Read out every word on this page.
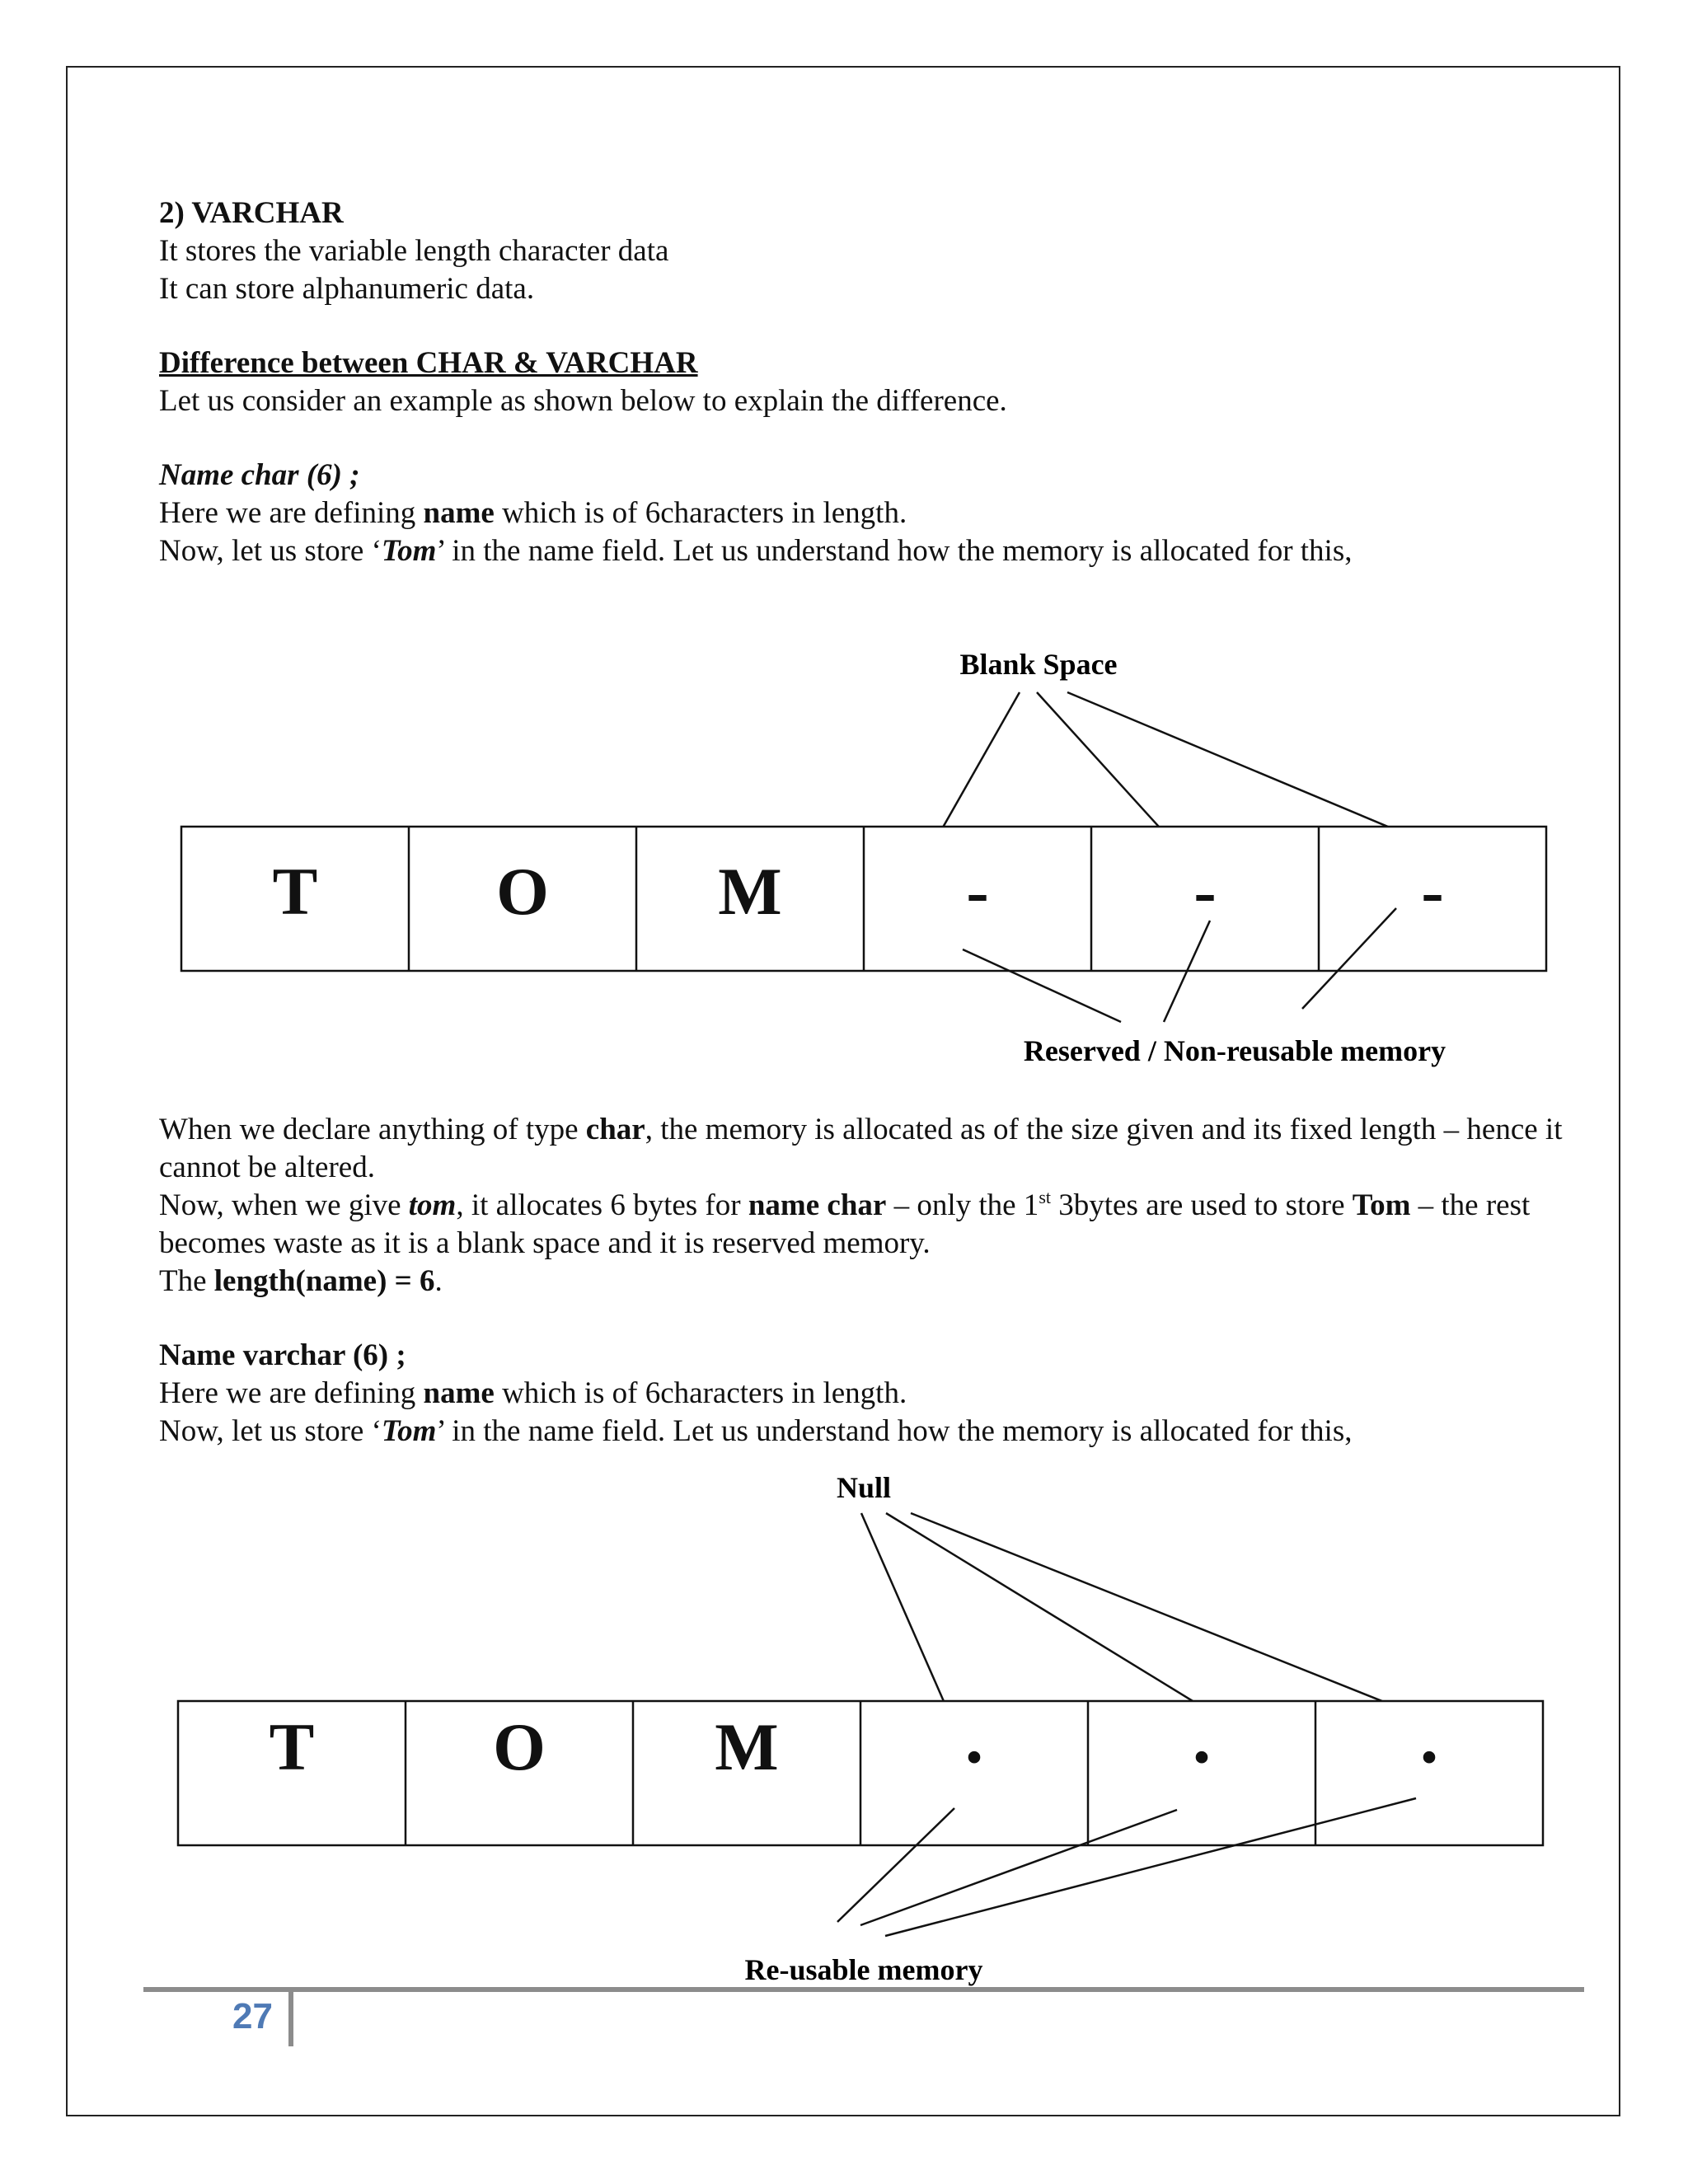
2) VARCHAR

It stores the variable length character data

It can store alphanumeric data.

Difference between CHAR & VARCHAR

Let us consider an example as shown below to explain the difference.

Name char (6) ;

Here we are defining name which is of 6characters in length.

Now, let us store ‘Tom’ in the name field. Let us understand how the memory is allocated for this,

When we declare anything of type char, the memory is allocated as of the size given and its fixed length – hence it cannot be altered.

Now, when we give tom, it allocates 6 bytes for name char – only the 1st 3bytes are used to store Tom – the rest becomes waste as it is a blank space and it is reserved memory.

The length(name) = 6.

Name varchar (6) ;

Here we are defining name which is of 6characters in length.

Now, let us store ‘Tom’ in the name field. Let us understand how the memory is allocated for this,

Blank Space
T	O	M	-	-	-
Reserved / Non-reusable memory
Null
T	O	M	.	.	.
Re-usable memory
27
